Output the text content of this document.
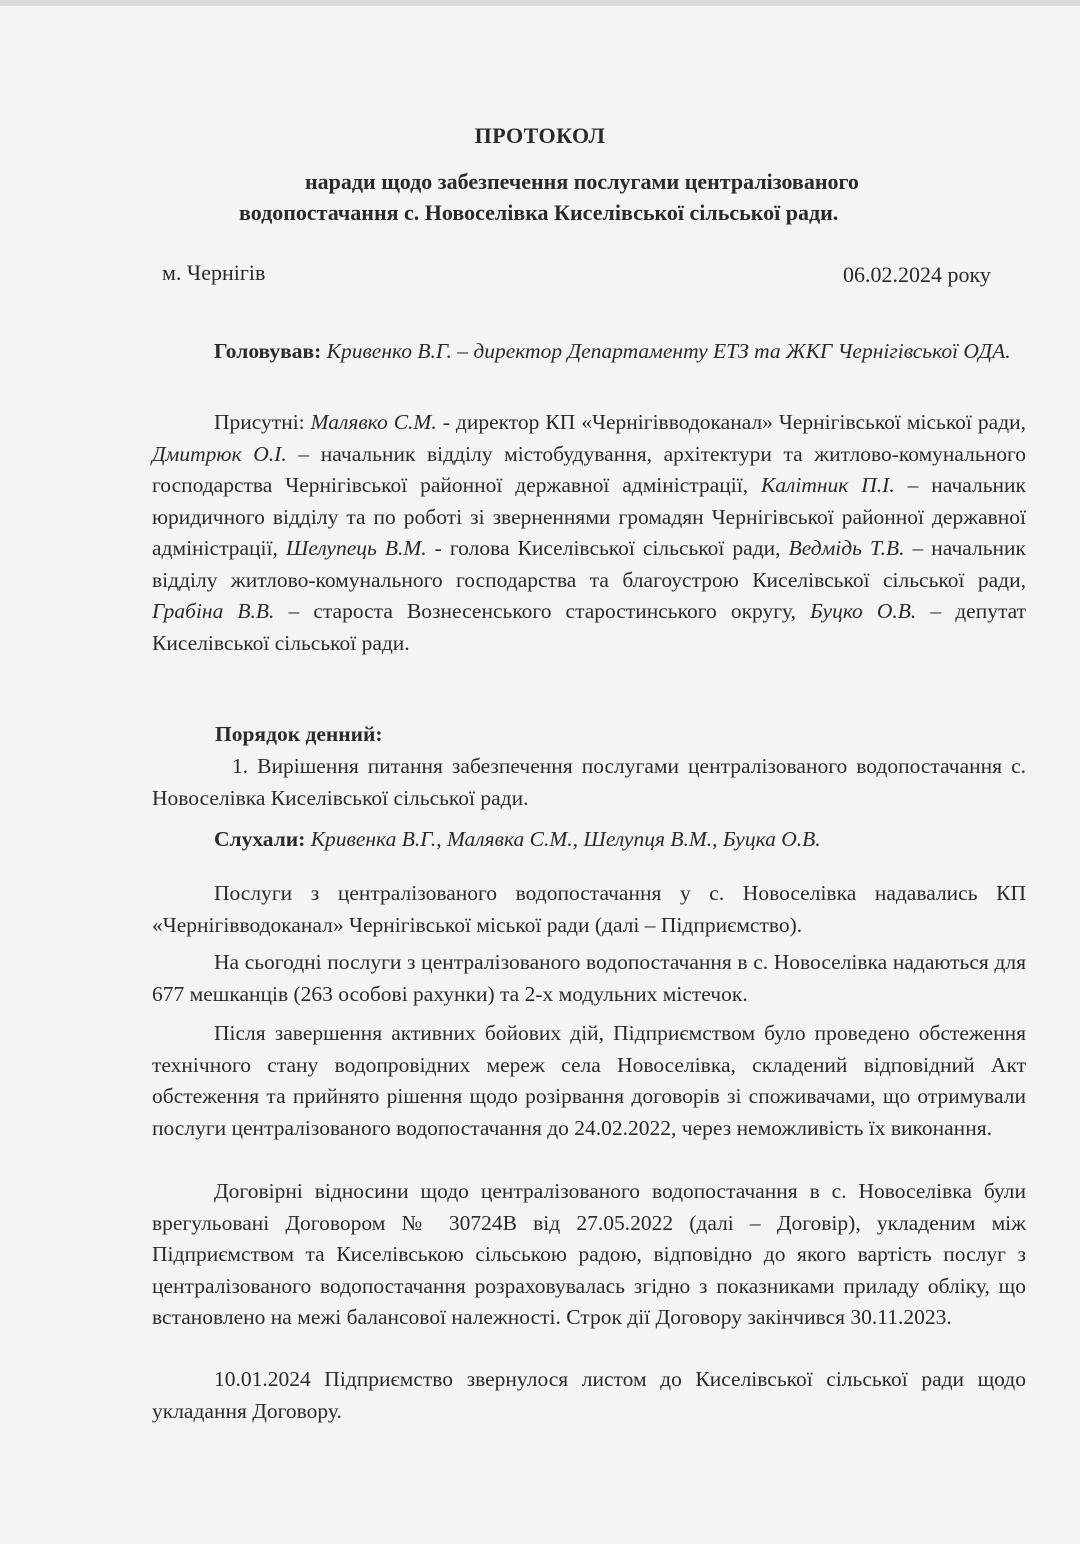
ПРОТОКОЛ
наради щодо забезпечення послугами централізованого
водопостачання с. Новоселівка Киселівської сільської ради.
м. Чернігів	06.02.2024 року

Головував: Кривенко В.Г. – директор Департаменту ЕТЗ та ЖКГ Чернігівської ОДА.

Присутні: Малявко С.М. - директор КП «Чернігівводоканал» Чернігівської міської ради, Дмитрюк О.І. – начальник відділу містобудування, архітектури та житлово-комунального господарства Чернігівської районної державної адміністрації, Калітник П.І. – начальник юридичного відділу та по роботі зі зверненнями громадян Чернігівської районної державної адміністрації, Шелупець В.М. - голова Киселівської сільської ради, Ведмідь Т.В. – начальник відділу житлово-комунального господарства та благоустрою Киселівської сільської ради, Грабіна В.В. – староста Вознесенського старостинського округу, Буцко О.В. – депутат Киселівської сільської ради.

Порядок денний:

1. Вирішення питання забезпечення послугами централізованого водопостачання с. Новоселівка Киселівської сільської ради.

Слухали: Кривенка В.Г., Малявка С.М., Шелупця В.М., Буцка О.В.

Послуги з централізованого водопостачання у с. Новоселівка надавались КП «Чернігівводоканал» Чернігівської міської ради (далі – Підприємство).

На сьогодні послуги з централізованого водопостачання в с. Новоселівка надаються для 677 мешканців (263 особові рахунки) та 2-х модульних містечок.

Після завершення активних бойових дій, Підприємством було проведено обстеження технічного стану водопровідних мереж села Новоселівка, складений відповідний Акт обстеження та прийнято рішення щодо розірвання договорів зі споживачами, що отримували послуги централізованого водопостачання до 24.02.2022, через неможливість їх виконання.

Договірні відносини щодо централізованого водопостачання в с. Новоселівка були врегульовані Договором № 30724В від 27.05.2022 (далі – Договір), укладеним між Підприємством та Киселівською сільською радою, відповідно до якого вартість послуг з централізованого водопостачання розраховувалась згідно з показниками приладу обліку, що встановлено на межі балансової належності. Строк дії Договору закінчився 30.11.2023.

10.01.2024 Підприємство звернулося листом до Киселівської сільської ради щодо укладання Договору.
